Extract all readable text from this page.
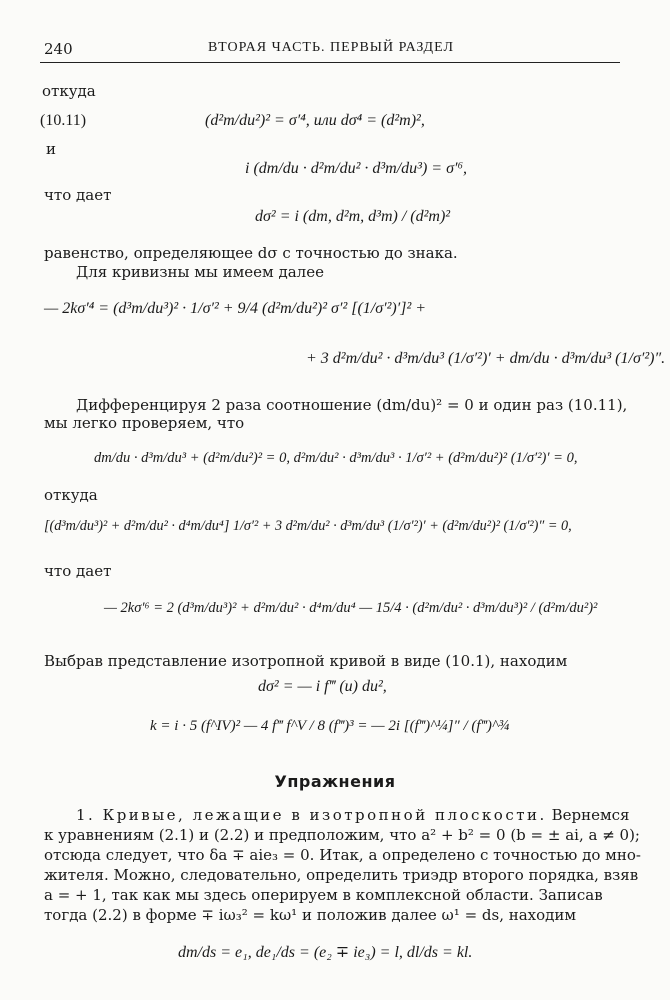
240	ВТОРАЯ ЧАСТЬ. ПЕРВЫЙ РАЗДЕЛ
откуда
(10.11)	(d²m/du²)² = σ′⁴, или dσ⁴ = (d²m)²,
и
i (dm/du · d²m/du² · d³m/du³) = σ′⁶,
что дает
dσ² = i (dm, d²m, d³m) / (d²m)²
равенство, определяющее dσ с точностью до знака.
Для кривизны мы имеем далее
— 2kσ′⁴ = (d³m/du³)² · 1/σ′² + 9/4 (d²m/du²)² σ′² [(1/σ′²)′]² +
+ 3 d²m/du² · d³m/du³ (1/σ′²)′ + dm/du · d³m/du³ (1/σ′²)″.
Дифференцируя 2 раза соотношение (dm/du)² = 0 и один раз (10.11),
мы легко проверяем, что
dm/du · d³m/du³ + (d²m/du²)² = 0, d²m/du² · d³m/du³ · 1/σ′² + (d²m/du²)² (1/σ′²)′ = 0,
откуда
[(d³m/du³)² + d²m/du² · d⁴m/du⁴] 1/σ′² + 3 d²m/du² · d³m/du³ (1/σ′²)′ + (d²m/du²)² (1/σ′²)″ = 0,
что дает
— 2kσ′⁶ = 2 (d³m/du³)² + d²m/du² · d⁴m/du⁴ — 15/4 · (d²m/du² · d³m/du³)² / (d²m/du²)²
Выбрав представление изотропной кривой в виде (10.1), находим
dσ² = — i f‴ (u) du²,
k = i · 5 (f^IV)² — 4 f‴ f^V / 8 (f‴)³ = — 2i [(f‴)^¼]″ / (f‴)^¾
Упражнения
1. Кривые, лежащие в изотропной плоскости. Вернемся
к уравнениям (2.1) и (2.2) и предположим, что a² + b² = 0 (b = ± ai, a ≠ 0);
отсюда следует, что δa ∓ aie₃ = 0. Итак, a определено с точностью до мно-
жителя. Можно, следовательно, определить триэдр второго порядка, взяв
a = + 1, так как мы здесь оперируем в комплексной области. Записав
тогда (2.2) в форме ∓ iω₃² = kω¹ и положив далее ω¹ = ds, находим
dm/ds = e₁, de₁/ds = (e₂ ∓ ie₃) = l, dl/ds = kl.
